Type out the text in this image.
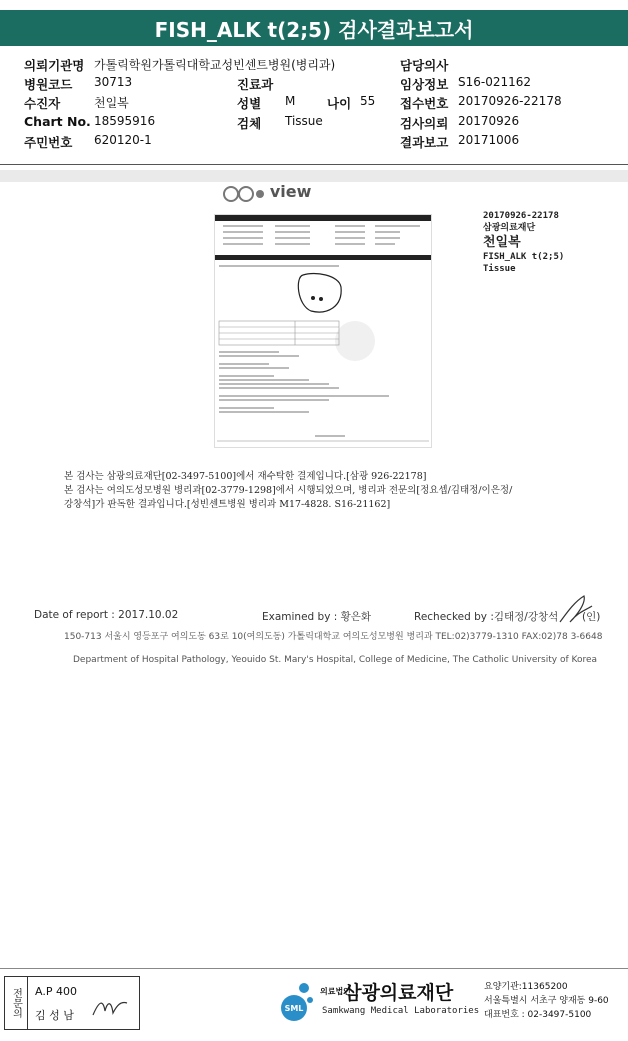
FISH_ALK t(2;5) 검사결과보고서
의뢰기관명 가톨릭학원가톨릭대학교성빈센트병원(병리과)	담당의사
병원코드 30713	진료과	임상정보 S16-021162
수진자	천일복	성별 M	나이 55 접수번호 20170926-22178
Chart No. 18595916	검체 Tissue	검사의뢰 20170926
주민번호 620120-1	결과보고 20171006
view
20170926-22178
삼광의료재단
천일복
FISH_ALK t(2;5)
Tissue
본 검사는 삼광의료재단[02-3497-5100]에서 재수탁한 결제입니다.[삼광 926-22178]
본 검사는 여의도성모병원 병리과[02-3779-1298]에서 시행되었으며, 병리과 전문의[정요셉/김태정/이은정/
강창석]가 판독한 결과입니다.[성빈센트병원 병리과 M17-4828. S16-21162]
Date of report : 2017.10.02	Examined by : 황은화	Rechecked by :김태정/강창석 (인)
150-713 서울시 영등포구 여의도동 63로 10(여의도동) 가톨릭대학교 여의도성모병원 병리과 TEL:02)3779-1310 FAX:02)78 3-6648
Department of Hospital Pathology, Yeouido St. Mary's Hospital, College of Medicine, The Catholic University of Korea
전문의	A.P 400
김 성 남
SML
의료법인 삼광의료재단
Samkwang Medical Laboratories
요양기관:11365200
서울특별시 서초구 양재동 9-60
대표번호 : 02-3497-5100
